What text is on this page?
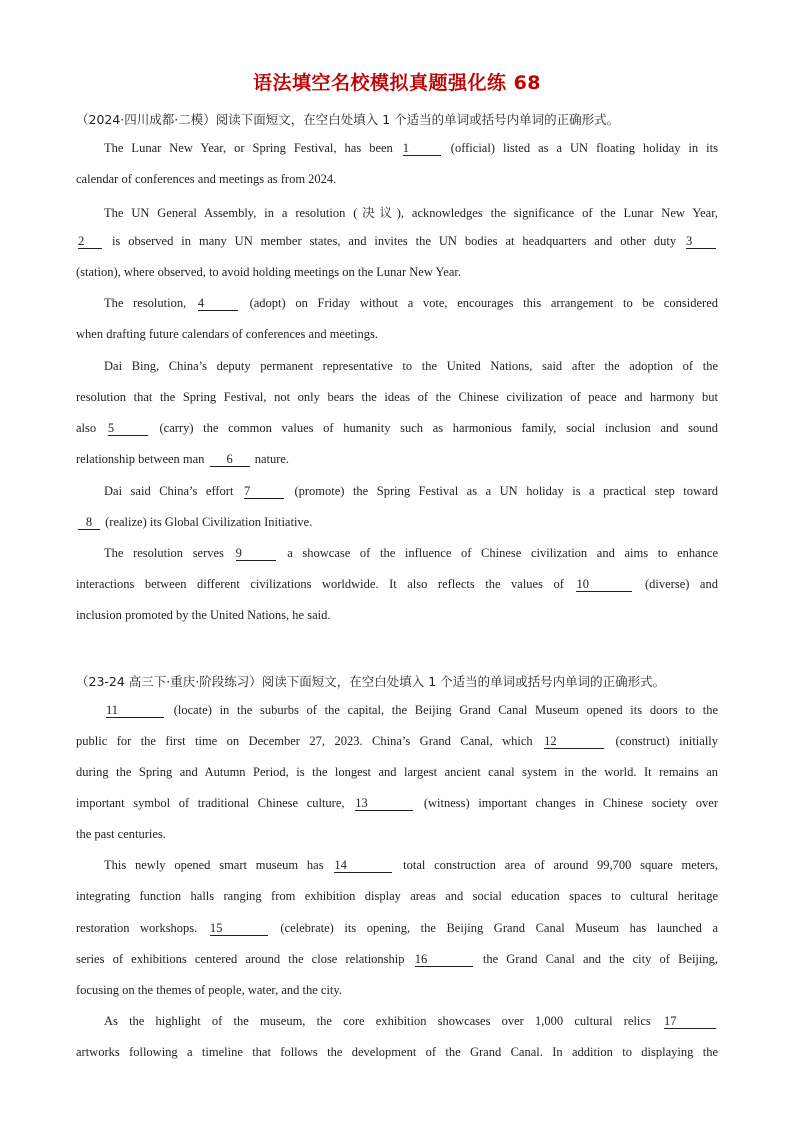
语法填空名校模拟真题强化练 68
（2024·四川成都·二模）阅读下面短文，在空白处填入 1 个适当的单词或括号内单词的正确形式。
The Lunar New Year, or Spring Festival, has been 1	(official) listed as a UN floating holiday in its
calendar of conferences and meetings as from 2024.
The UN General Assembly, in a resolution (决议), acknowledges the significance of the Lunar New Year,
2 is observed in many UN member states, and invites the UN bodies at headquarters and other duty 3
(station), where observed, to avoid holding meetings on the Lunar New Year.
The resolution, 4	(adopt) on Friday without a vote, encourages this arrangement to be considered
when drafting future calendars of conferences and meetings.
Dai Bing, China’s deputy permanent representative to the United Nations, said after the adoption of the
resolution that the Spring Festival, not only bears the ideas of the Chinese civilization of peace and harmony but
also 5	(carry) the common values of humanity such as harmonious family, social inclusion and sound
relationship between man 6 nature.
Dai said China’s effort 7	(promote) the Spring Festival as a UN holiday is a practical step toward
8 (realize) its Global Civilization Initiative.
The resolution serves 9	a showcase of the influence of Chinese civilization and aims to enhance
interactions between different civilizations worldwide. It also reflects the values of 10	(diverse) and
inclusion promoted by the United Nations, he said.
（23-24 高三下·重庆·阶段练习）阅读下面短文，在空白处填入 1 个适当的单词或括号内单词的正确形式。
11	(locate) in the suburbs of the capital, the Beijing Grand Canal Museum opened its doors to the
public for the first time on December 27, 2023. China’s Grand Canal, which 12	(construct) initially
during the Spring and Autumn Period, is the longest and largest ancient canal system in the world. It remains an
important symbol of traditional Chinese culture, 13	(witness) important changes in Chinese society over
the past centuries.
This newly opened smart museum has 14	total construction area of around 99,700 square meters,
integrating function halls ranging from exhibition display areas and social education spaces to cultural heritage
restoration workshops. 15	(celebrate) its opening, the Beijing Grand Canal Museum has launched a
series of exhibitions centered around the close relationship 16	the Grand Canal and the city of Beijing,
focusing on the themes of people, water, and the city.
As the highlight of the museum, the core exhibition showcases over 1,000 cultural relics 17
artworks following a timeline that follows the development of the Grand Canal. In addition to displaying the
